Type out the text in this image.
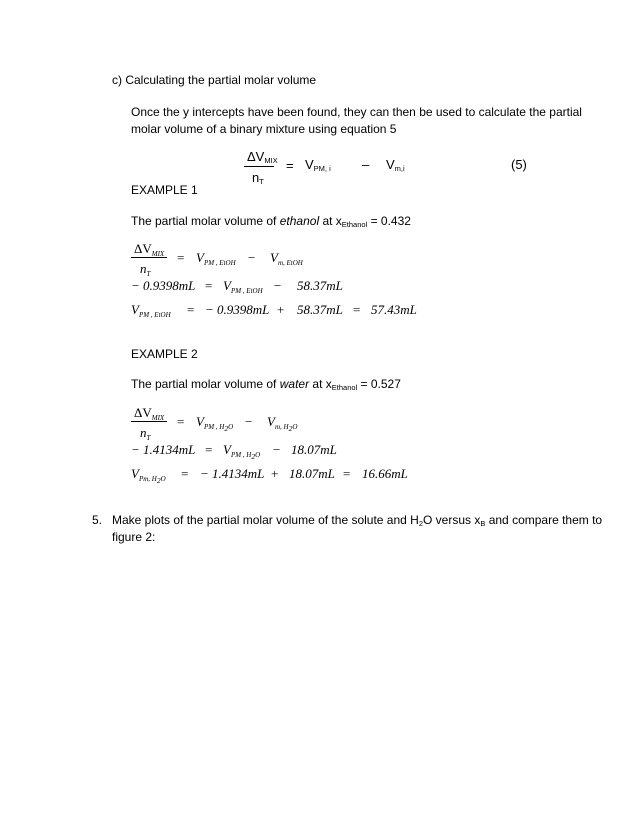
c) Calculating the partial molar volume
Once the y intercepts have been found, they can then be used to calculate the partial
molar volume of a binary mixture using equation 5
$\Delta V_{MIX}$
$n_T$
= $V_{PM, i} - V_{m,i}$	(5)
EXAMPLE 1
The partial molar volume of ethanol at $x_{Ethanol} = 0.432$
$\Delta V_{MIX}$
$n_T$
= $V_{PM , EtOH} - V_{m, EtOH}$
− $0.9398mL = V_{PM , EtOH} - 58.37mL$
$V_{PM , EtOH}$ = − 0.9398mL + 58.37mL = 57.43mL
EXAMPLE 2
The partial molar volume of water at $x_{Ethanol} = 0.527$
$\Delta V_{MIX}$
$n_T$
= $V_{PM , H_2O} - V_{m, H_2O}$
− $1.4134mL = V_{PM , H_2O} - 18.07mL$
$V_{Pm, H_2O}$ = − 1.4134mL + 18.07mL = 16.66mL
5. Make plots of the partial molar volume of the solute and $H_2O$ versus $x_B$ and compare them to
figure 2:
